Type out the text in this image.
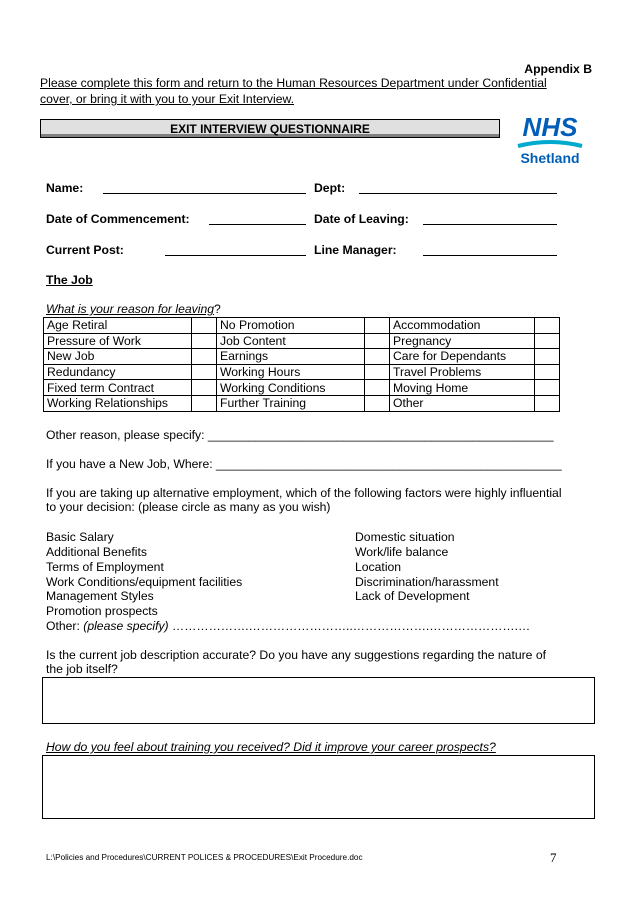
Appendix B
Please complete this form and return to the Human Resources Department under Confidential
cover, or bring it with you to your Exit Interview.
EXIT INTERVIEW QUESTIONNAIRE	NHS
Shetland
Name:	Dept:
Date of Commencement:	Date of Leaving:
Current Post:	Line Manager:
The Job
What is your reason for leaving?
Age Retiral		No Promotion		Accommodation	
Pressure of Work		Job Content		Pregnancy	
New Job		Earnings		Care for Dependants	
Redundancy		Working Hours		Travel Problems	
Fixed term Contract		Working Conditions		Moving Home	
Working Relationships		Further Training		Other	
Other reason, please specify: ___________________________________________________
If you have a New Job, Where: ___________________________________________________
If you are taking up alternative employment, which of the following factors were highly influential
to your decision: (please circle as many as you wish)
Basic Salary
Additional Benefits
Terms of Employment
Work Conditions/equipment facilities
Management Styles
Promotion prospects
Domestic situation
Work/life balance
Location
Discrimination/harassment
Lack of Development
Other: (please specify) ……………….……………………..……………….………………….…
Is the current job description accurate? Do you have any suggestions regarding the nature of
the job itself?
How do you feel about training you received? Did it improve your career prospects?
L:\Policies and Procedures\CURRENT POLICES & PROCEDURES\Exit Procedure.doc	7
